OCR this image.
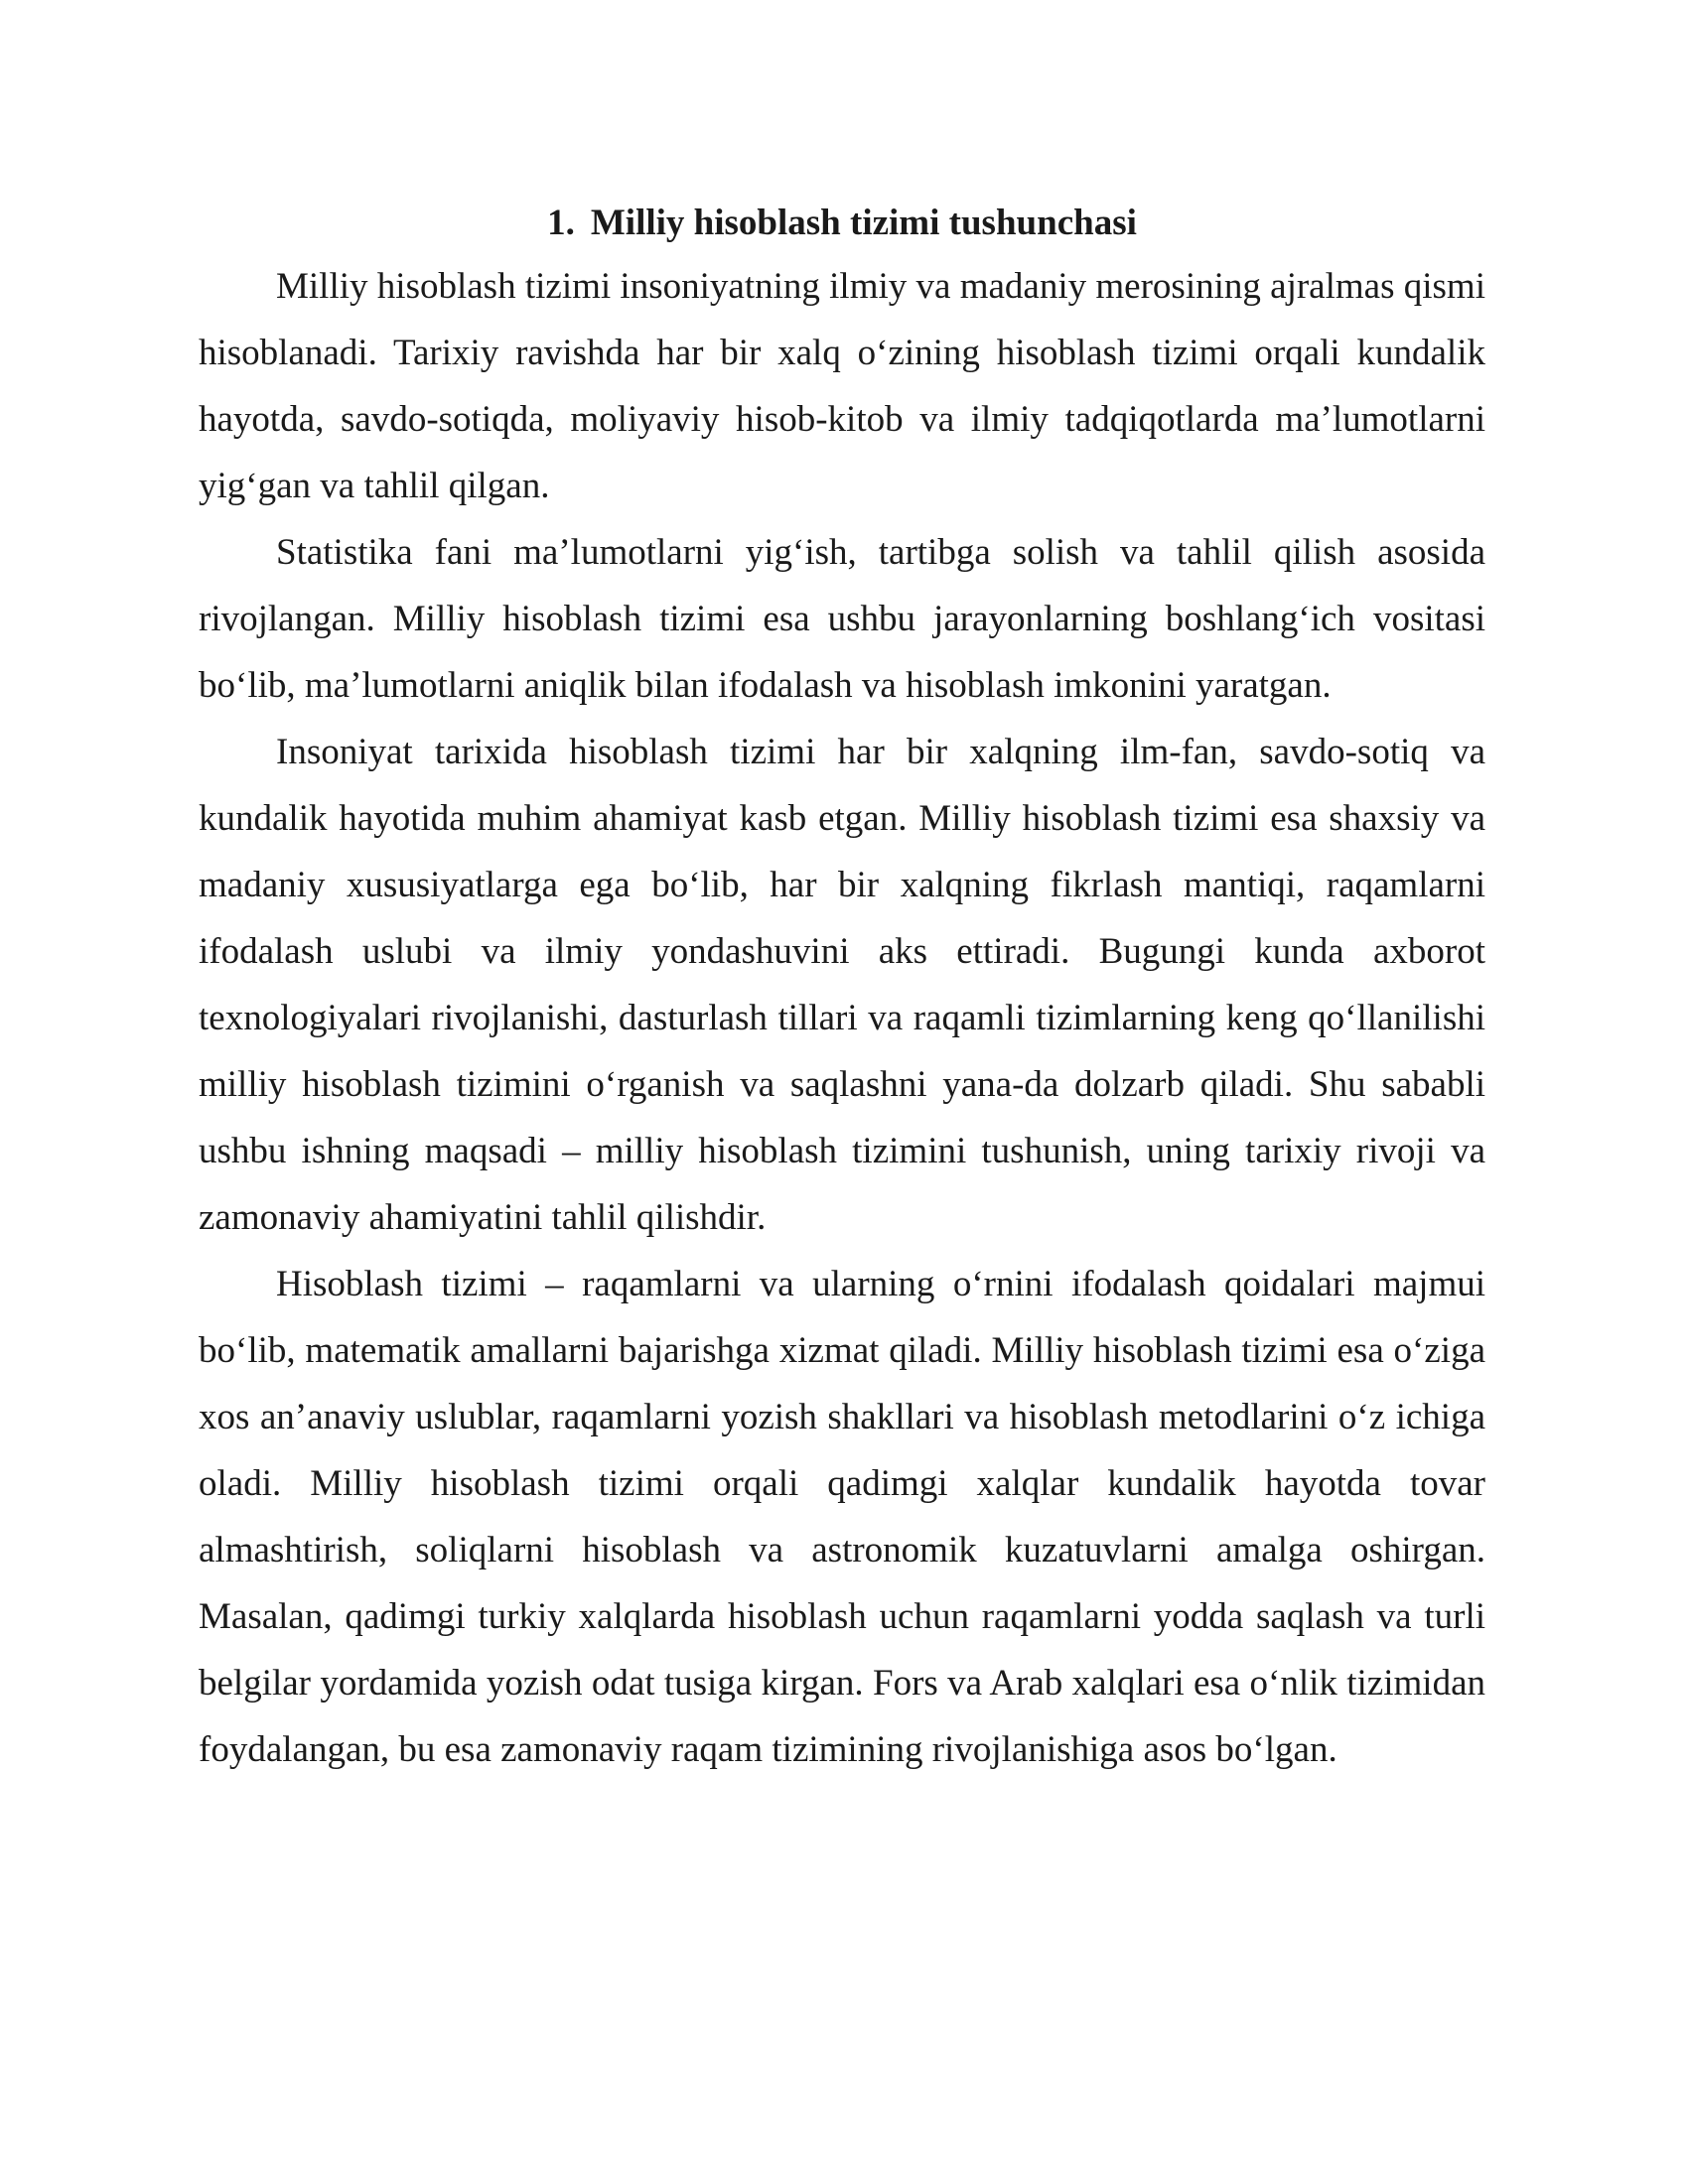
1. Milliy hisoblash tizimi tushunchasi

Milliy hisoblash tizimi insoniyatning ilmiy va madaniy merosining ajralmas qismi hisoblanadi. Tarixiy ravishda har bir xalq o‘zining hisoblash tizimi orqali kundalik hayotda, savdo-sotiqda, moliyaviy hisob-kitob va ilmiy tadqiqotlarda ma’lumotlarni yig‘gan va tahlil qilgan.

Statistika fani ma’lumotlarni yig‘ish, tartibga solish va tahlil qilish asosida rivojlangan. Milliy hisoblash tizimi esa ushbu jarayonlarning boshlang‘ich vositasi bo‘lib, ma’lumotlarni aniqlik bilan ifodalash va hisoblash imkonini yaratgan.

Insoniyat tarixida hisoblash tizimi har bir xalqning ilm-fan, savdo-sotiq va kundalik hayotida muhim ahamiyat kasb etgan. Milliy hisoblash tizimi esa shaxsiy va madaniy xususiyatlarga ega bo‘lib, har bir xalqning fikrlash mantiqi, raqamlarni ifodalash uslubi va ilmiy yondashuvini aks ettiradi. Bugungi kunda axborot texnologiyalari rivojlanishi, dasturlash tillari va raqamli tizimlarning keng qo‘llanilishi milliy hisoblash tizimini o‘rganish va saqlashni yana-da dolzarb qiladi. Shu sababli ushbu ishning maqsadi – milliy hisoblash tizimini tushunish, uning tarixiy rivoji va zamonaviy ahamiyatini tahlil qilishdir.

Hisoblash tizimi – raqamlarni va ularning o‘rnini ifodalash qoidalari majmui bo‘lib, matematik amallarni bajarishga xizmat qiladi. Milliy hisoblash tizimi esa o‘ziga xos an’anaviy uslublar, raqamlarni yozish shakllari va hisoblash metodlarini o‘z ichiga oladi. Milliy hisoblash tizimi orqali qadimgi xalqlar kundalik hayotda tovar almashtirish, soliqlarni hisoblash va astronomik kuzatuvlarni amalga oshirgan. Masalan, qadimgi turkiy xalqlarda hisoblash uchun raqamlarni yodda saqlash va turli belgilar yordamida yozish odat tusiga kirgan. Fors va Arab xalqlari esa o‘nlik tizimidan foydalangan, bu esa zamonaviy raqam tizimining rivojlanishiga asos bo‘lgan.
